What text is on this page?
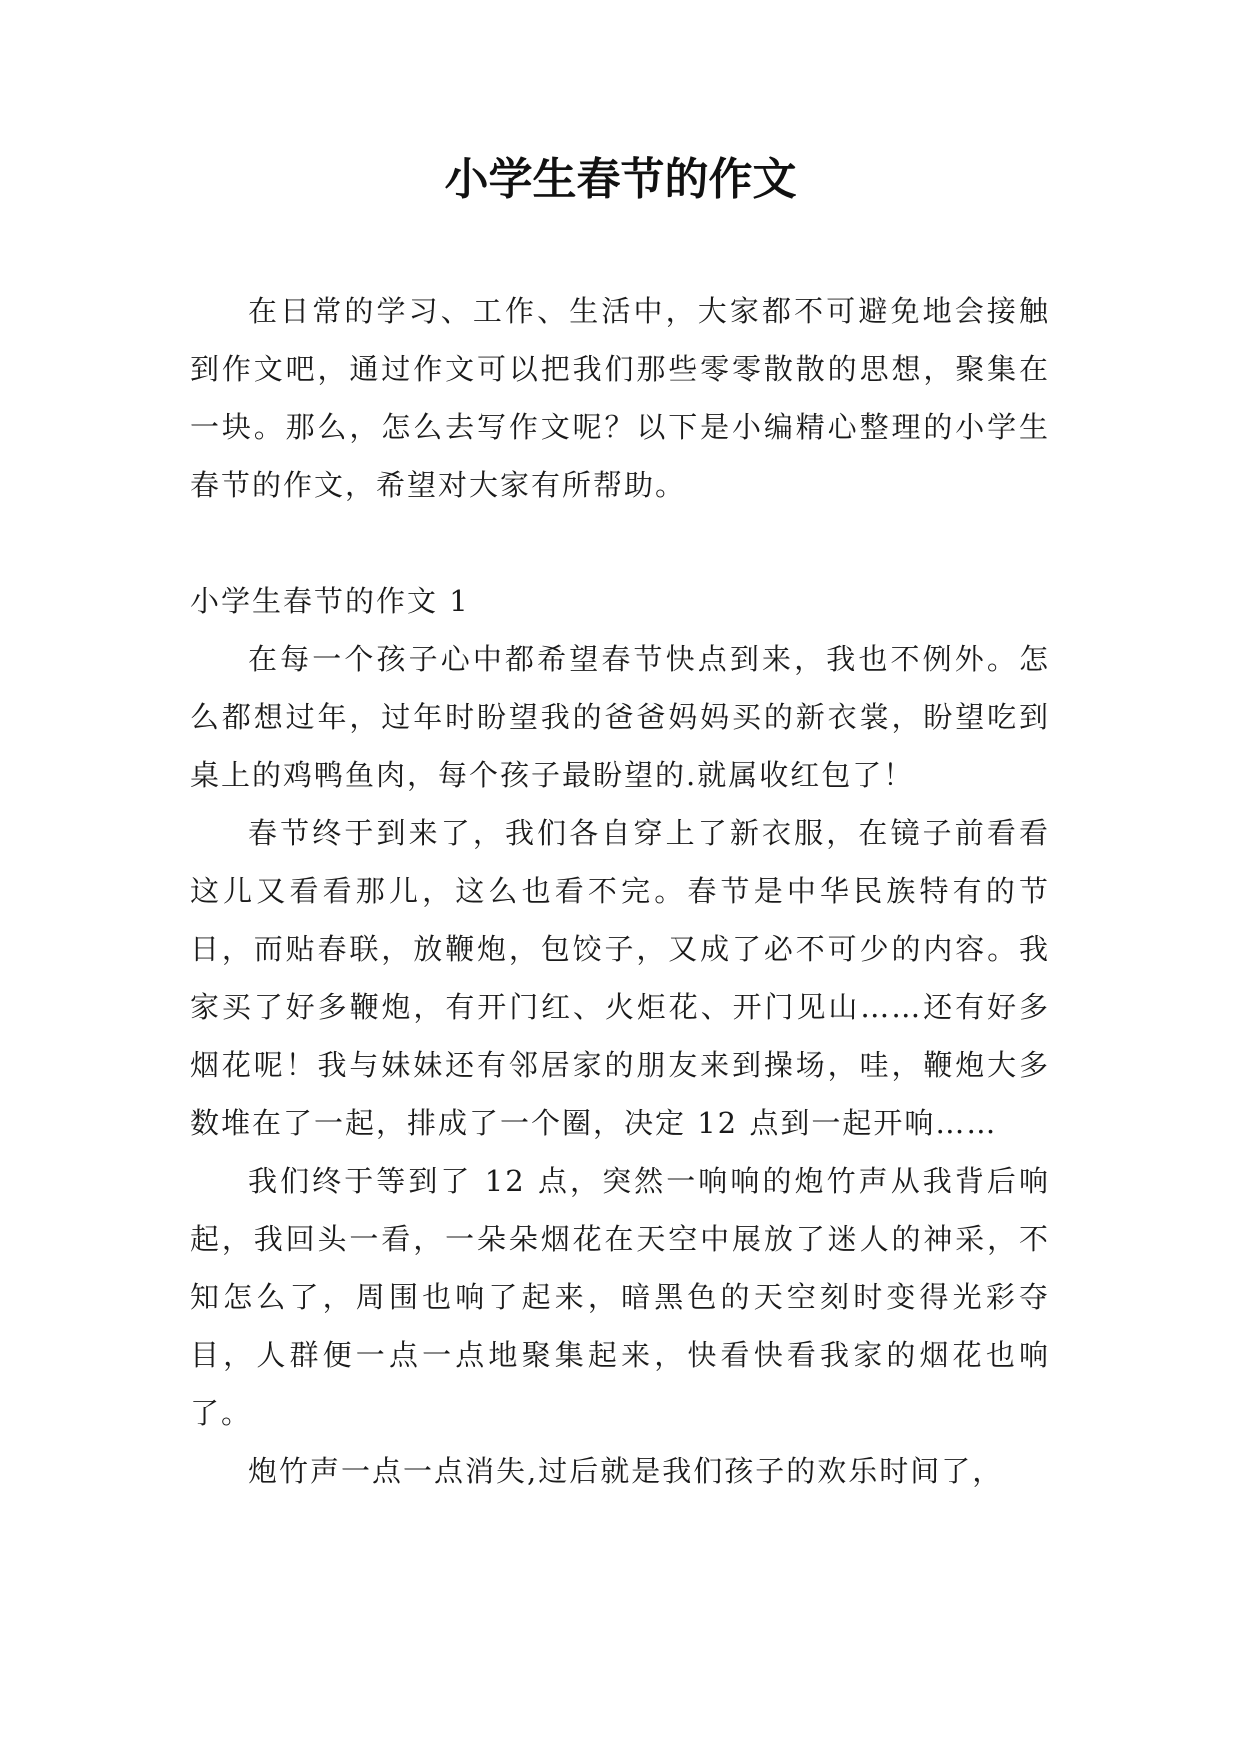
小学生春节的作文

在日常的学习、工作、生活中，大家都不可避免地会接触到作文吧，通过作文可以把我们那些零零散散的思想，聚集在一块。那么，怎么去写作文呢？以下是小编精心整理的小学生春节的作文，希望对大家有所帮助。

小学生春节的作文 1

在每一个孩子心中都希望春节快点到来，我也不例外。怎么都想过年，过年时盼望我的爸爸妈妈买的新衣裳，盼望吃到桌上的鸡鸭鱼肉，每个孩子最盼望的.就属收红包了！

春节终于到来了，我们各自穿上了新衣服，在镜子前看看这儿又看看那儿，这么也看不完。春节是中华民族特有的节日，而贴春联，放鞭炮，包饺子，又成了必不可少的内容。我家买了好多鞭炮，有开门红、火炬花、开门见山……还有好多烟花呢！我与妹妹还有邻居家的朋友来到操场，哇，鞭炮大多数堆在了一起，排成了一个圈，决定 12 点到一起开响……

我们终于等到了 12 点，突然一响响的炮竹声从我背后响起，我回头一看，一朵朵烟花在天空中展放了迷人的神采，不知怎么了，周围也响了起来，暗黑色的天空刻时变得光彩夺目，人群便一点一点地聚集起来，快看快看我家的烟花也响了。

炮竹声一点一点消失,过后就是我们孩子的欢乐时间了，
